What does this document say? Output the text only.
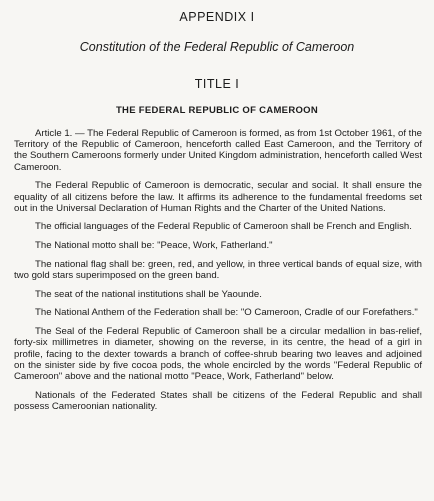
APPENDIX I
Constitution of the Federal Republic of Cameroon
TITLE I
THE FEDERAL REPUBLIC OF CAMEROON

Article 1. — The Federal Republic of Cameroon is formed, as from 1st October 1961, of the Territory of the Republic of Cameroon, henceforth called East Cameroon, and the Territory of the Southern Cameroons formerly under United Kingdom administration, henceforth called West Cameroon.

The Federal Republic of Cameroon is democratic, secular and social. It shall ensure the equality of all citizens before the law. It affirms its adherence to the fundamental freedoms set out in the Universal Declaration of Human Rights and the Charter of the United Nations.

The official languages of the Federal Republic of Cameroon shall be French and English.

The National motto shall be: "Peace, Work, Fatherland."

The national flag shall be: green, red, and yellow, in three vertical bands of equal size, with two gold stars superimposed on the green band.

The seat of the national institutions shall be Yaounde.

The National Anthem of the Federation shall be: "O Cameroon, Cradle of our Forefathers."

The Seal of the Federal Republic of Cameroon shall be a circular medallion in bas-relief, forty-six millimetres in diameter, showing on the reverse, in its centre, the head of a girl in profile, facing to the dexter towards a branch of coffee-shrub bearing two leaves and adjoined on the sinister side by five cocoa pods, the whole encircled by the words "Federal Republic of Cameroon" above and the national motto "Peace, Work, Fatherland" below.

Nationals of the Federated States shall be citizens of the Federal Republic and shall possess Cameroonian nationality.
